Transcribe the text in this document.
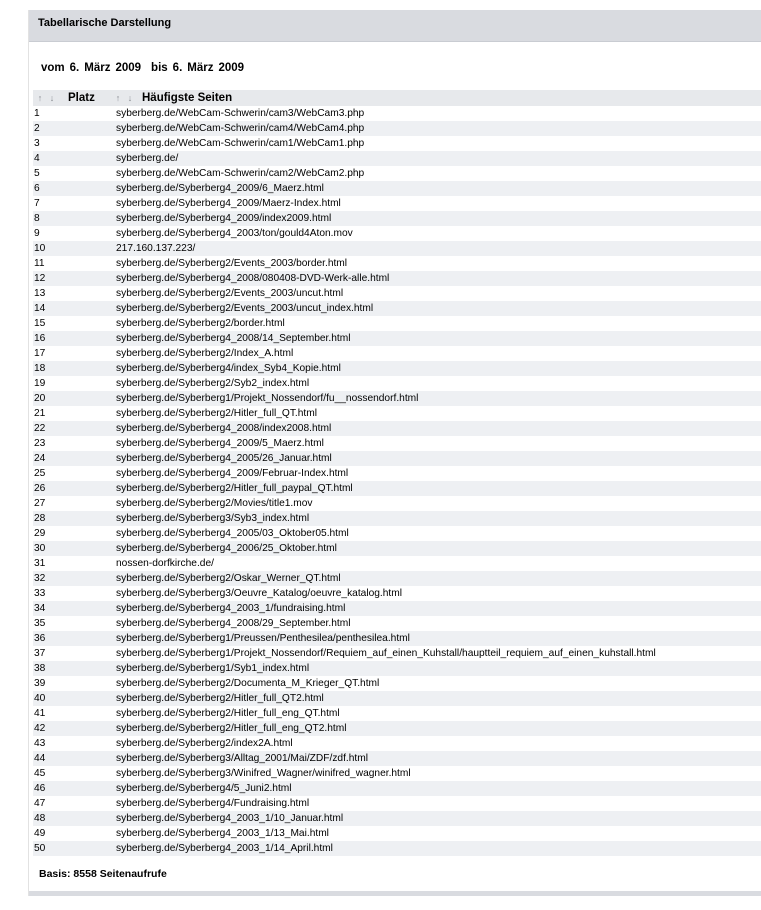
Tabellarische Darstellung
vom 6. März 2009 bis 6. März 2009
↑ ↓ Platz ↑ ↓ Häufigste Seiten
1	syberberg.de/WebCam-Schwerin/cam3/WebCam3.php
2	syberberg.de/WebCam-Schwerin/cam4/WebCam4.php
3	syberberg.de/WebCam-Schwerin/cam1/WebCam1.php
4	syberberg.de/
5	syberberg.de/WebCam-Schwerin/cam2/WebCam2.php
6	syberberg.de/Syberberg4_2009/6_Maerz.html
7	syberberg.de/Syberberg4_2009/Maerz-Index.html
8	syberberg.de/Syberberg4_2009/index2009.html
9	syberberg.de/Syberberg4_2003/ton/gould4Aton.mov
10	217.160.137.223/
11	syberberg.de/Syberberg2/Events_2003/border.html
12	syberberg.de/Syberberg4_2008/080408-DVD-Werk-alle.html
13	syberberg.de/Syberberg2/Events_2003/uncut.html
14	syberberg.de/Syberberg2/Events_2003/uncut_index.html
15	syberberg.de/Syberberg2/border.html
16	syberberg.de/Syberberg4_2008/14_September.html
17	syberberg.de/Syberberg2/Index_A.html
18	syberberg.de/Syberberg4/index_Syb4_Kopie.html
19	syberberg.de/Syberberg2/Syb2_index.html
20	syberberg.de/Syberberg1/Projekt_Nossendorf/fu__nossendorf.html
21	syberberg.de/Syberberg2/Hitler_full_QT.html
22	syberberg.de/Syberberg4_2008/index2008.html
23	syberberg.de/Syberberg4_2009/5_Maerz.html
24	syberberg.de/Syberberg4_2005/26_Januar.html
25	syberberg.de/Syberberg4_2009/Februar-Index.html
26	syberberg.de/Syberberg2/Hitler_full_paypal_QT.html
27	syberberg.de/Syberberg2/Movies/title1.mov
28	syberberg.de/Syberberg3/Syb3_index.html
29	syberberg.de/Syberberg4_2005/03_Oktober05.html
30	syberberg.de/Syberberg4_2006/25_Oktober.html
31	nossen-dorfkirche.de/
32	syberberg.de/Syberberg2/Oskar_Werner_QT.html
33	syberberg.de/Syberberg3/Oeuvre_Katalog/oeuvre_katalog.html
34	syberberg.de/Syberberg4_2003_1/fundraising.html
35	syberberg.de/Syberberg4_2008/29_September.html
36	syberberg.de/Syberberg1/Preussen/Penthesilea/penthesilea.html
37	syberberg.de/Syberberg1/Projekt_Nossendorf/Requiem_auf_einen_Kuhstall/hauptteil_requiem_auf_einen_kuhstall.html
38	syberberg.de/Syberberg1/Syb1_index.html
39	syberberg.de/Syberberg2/Documenta_M_Krieger_QT.html
40	syberberg.de/Syberberg2/Hitler_full_QT2.html
41	syberberg.de/Syberberg2/Hitler_full_eng_QT.html
42	syberberg.de/Syberberg2/Hitler_full_eng_QT2.html
43	syberberg.de/Syberberg2/index2A.html
44	syberberg.de/Syberberg3/Alltag_2001/Mai/ZDF/zdf.html
45	syberberg.de/Syberberg3/Winifred_Wagner/winifred_wagner.html
46	syberberg.de/Syberberg4/5_Juni2.html
47	syberberg.de/Syberberg4/Fundraising.html
48	syberberg.de/Syberberg4_2003_1/10_Januar.html
49	syberberg.de/Syberberg4_2003_1/13_Mai.html
50	syberberg.de/Syberberg4_2003_1/14_April.html
Basis: 8558 Seitenaufrufe
